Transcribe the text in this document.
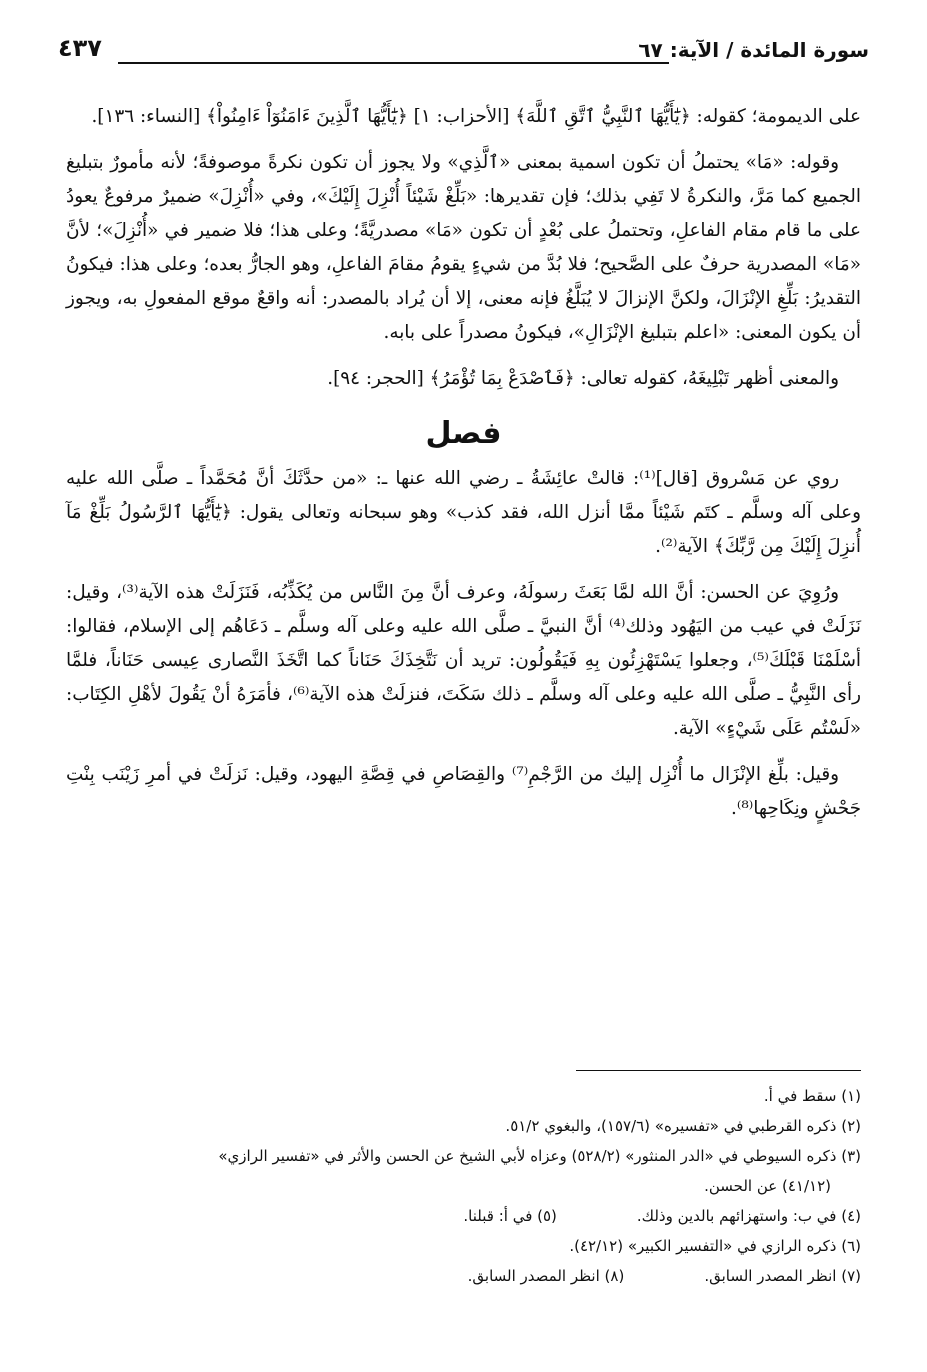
سورة المائدة / الآية: ٦٧
٤٣٧

على الديمومة؛ كقوله: ﴿يَٰٓأَيُّهَا ٱلنَّبِيُّ ٱتَّقِ ٱللَّهَ﴾ [الأحزاب: ١] ﴿يَٰٓأَيُّهَا ٱلَّذِينَ ءَامَنُوٓاْ ءَامِنُواْ﴾ [النساء: ١٣٦].

وقوله: «مَا» يحتملُ أن تكون اسمية بمعنى «ٱلَّذِي» ولا يجوز أن تكون نكرةً موصوفةً؛ لأنه مأمورٌ بتبليغ الجميع كما مَرَّ، والنكرةُ لا تَفِي بذلك؛ فإن تقديرها: «بَلِّغْ شَيْئاً أُنْزِلَ إِلَيْكَ»، وفي «أُنْزِلَ» ضميرٌ مرفوعٌ يعودُ على ما قام مقام الفاعلِ، وتحتملُ على بُعْدٍ أن تكون «مَا» مصدريَّةً؛ وعلى هذا؛ فلا ضمير في «أُنْزِلَ»؛ لأنَّ «مَا» المصدرية حرفٌ على الصَّحيح؛ فلا بُدَّ من شيءٍ يقومُ مقامَ الفاعلِ، وهو الجارُّ بعده؛ وعلى هذا: فيكونُ التقديرُ: بَلِّغِ الإنْزَالَ، ولكنَّ الإنزالَ لا يُبَلَّغُ فإنه معنى، إلا أن يُراد بالمصدر: أنه واقعٌ موقع المفعولِ به، ويجوز أن يكون المعنى: «اعلم بتبليغ الإنْزَالِ»، فيكونُ مصدراً على بابه.

والمعنى أظهر تَبْلِيغَهُ، كقوله تعالى: ﴿فَٱصْدَعْ بِمَا تُؤْمَرُ﴾ [الحجر: ٩٤].

فصل

روي عن مَسْروق [قال]⁽¹⁾: قالتْ عائِشَةُ ـ رضي الله عنها ـ: «من حدَّثَكَ أنَّ مُحَمَّداً ـ صلَّى الله عليه وعلى آله وسلَّم ـ كتَم شَيْئاً ممَّا أنزل الله، فقد كذب» وهو سبحانه وتعالى يقول: ﴿يَٰٓأَيُّهَا ٱلرَّسُولُ بَلِّغْ مَآ أُنزِلَ إِلَيْكَ مِن رَّبِّكَ﴾ الآية⁽²⁾.

ورُوِيَ عن الحسن: أنَّ الله لمَّا بَعَثَ رسولَهُ، وعرف أنَّ مِنَ النَّاس من يُكَذِّبُه، فَنَزَلَتْ هذه الآية⁽³⁾، وقيل: نَزَلَتْ في عيب من اليَهُود وذلك⁽⁴⁾ أنَّ النبيَّ ـ صلَّى الله عليه وعلى آله وسلَّم ـ دَعَاهُم إلى الإسلام، فقالوا: أسْلَمْنَا قَبْلَكَ⁽⁵⁾، وجعلوا يَسْتَهْزِئُون بِهِ فَيَقُولُون: تريد أن نَتَّخِذَكَ حَنَاناً كما اتَّخَذَ النَّصارى عِيسى حَنَاناً، فلمَّا رأى النَّبِيُّ ـ صلَّى الله عليه وعلى آله وسلَّم ـ ذلك سَكَتَ، فنزلَتْ هذه الآية⁽⁶⁾، فأمَرَهُ أنْ يَقُولَ لأهْلِ الكِتَاب: «لَسْتُم عَلَى شَيْءٍ» الآية.

وقيل: بلِّغ الإنْزَال ما أُنْزِل إليك من الرَّجْمِ⁽⁷⁾ والقِصَاصِ في قِصَّةِ اليهود، وقيل: نَزلَتْ في أمرِ زَيْنَب بِنْتِ جَحْشٍ ونِكَاحِها⁽⁸⁾.

(١) سقط في أ.

(٢) ذكره القرطبي في «تفسيره» (١٥٧/٦)، والبغوي ٥١/٢.

(٣) ذكره السيوطي في «الدر المنثور» (٥٢٨/٢) وعزاه لأبي الشيخ عن الحسن والأثر في «تفسير الرازي»

(٤١/١٢) عن الحسن.

(٤) في ب: واستهزائهم بالدين وذلك.
(٥) في أ: قبلنا.

(٦) ذكره الرازي في «التفسير الكبير» (٤٢/١٢).

(٧) انظر المصدر السابق.
(٨) انظر المصدر السابق.
